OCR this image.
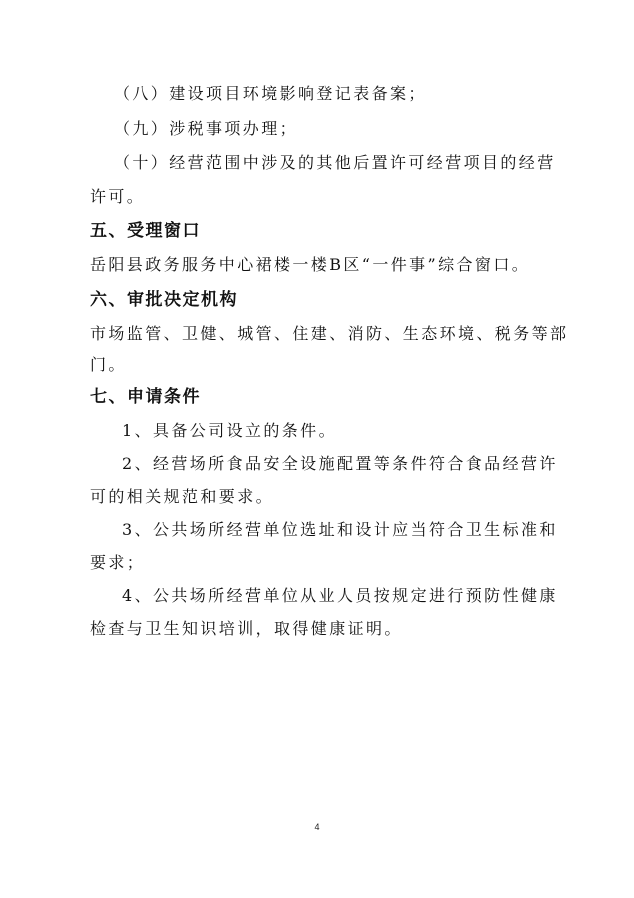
（八）建设项目环境影响登记表备案；
（九）涉税事项办理；
（十）经营范围中涉及的其他后置许可经营项目的经营
许可。
五、受理窗口
岳阳县政务服务中心裙楼一楼B区“一件事”综合窗口。
六、审批决定机构
市场监管、卫健、城管、住建、消防、生态环境、税务等部
门。
七、申请条件
1、具备公司设立的条件。
2、经营场所食品安全设施配置等条件符合食品经营许
可的相关规范和要求。
3、公共场所经营单位选址和设计应当符合卫生标准和
要求；
4、公共场所经营单位从业人员按规定进行预防性健康
检查与卫生知识培训，取得健康证明。
4
